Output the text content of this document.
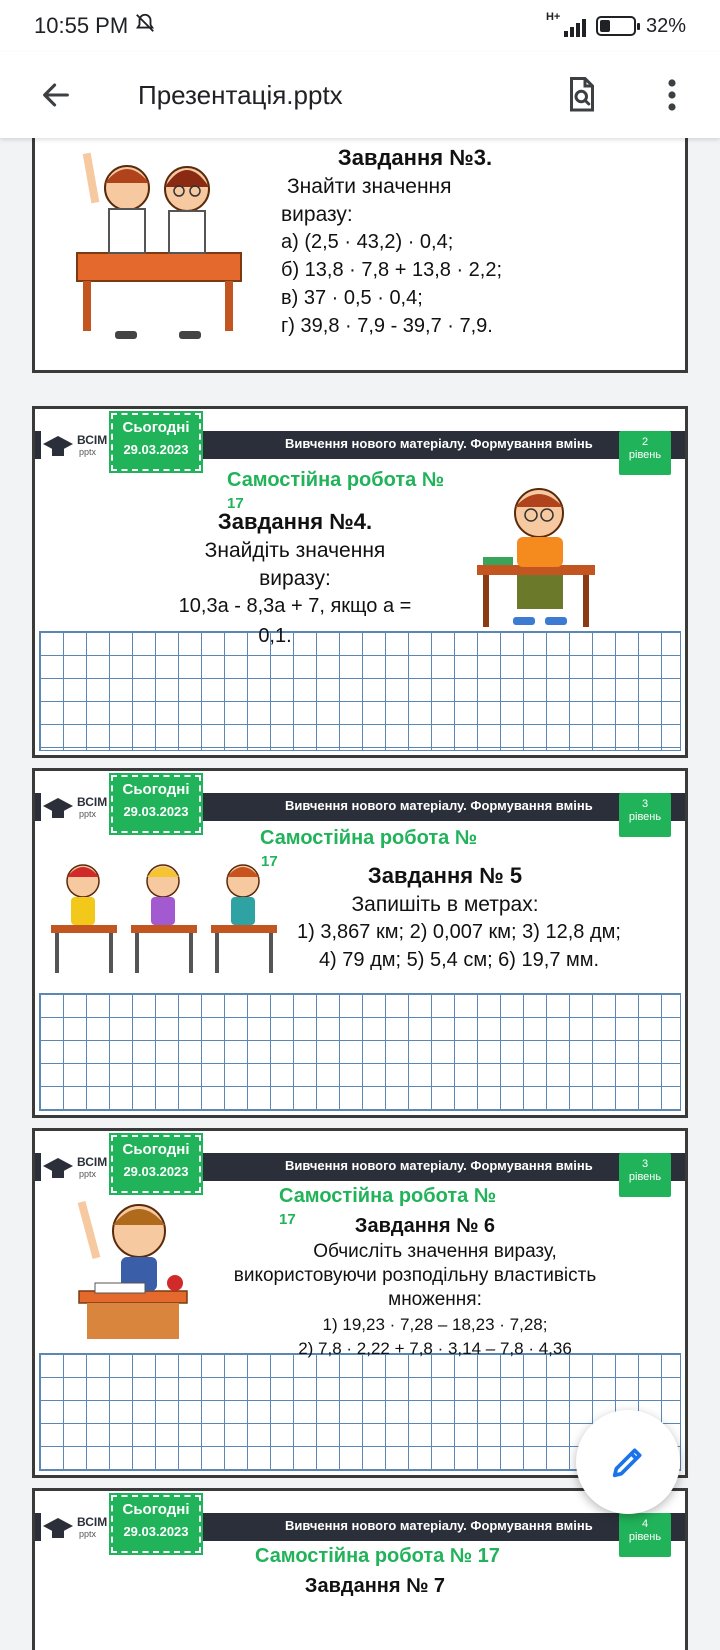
10:55 PM	H+	32%
Презентація.pptx
Завдання №3.
Знайти значення
виразу:
а) (2,5 · 43,2) · 0,4;
б) 13,8 · 7,8 + 13,8 · 2,2;
в) 37 · 0,5 · 0,4;
г) 39,8 · 7,9 - 39,7 · 7,9.
Вивчення нового матеріалу. Формування вмінь
ВСІМ
pptx
Сьогодні
29.03.2023	2
рівень
Самостійна робота №
17
Завдання №4.
Знайдіть значення
виразу:
10,3a - 8,3a + 7, якщо a =
0,1.
Вивчення нового матеріалу. Формування вмінь
ВСІМ
pptx
Сьогодні
29.03.2023	3
рівень
Самостійна робота №
17
Завдання № 5
Запишіть в метрах:
1) 3,867 км; 2) 0,007 км; 3) 12,8 дм;
4) 79 дм; 5) 5,4 см; 6) 19,7 мм.
Вивчення нового матеріалу. Формування вмінь
ВСІМ
pptx
Сьогодні
29.03.2023	3
рівень
Самостійна робота №
17	Завдання № 6
Обчисліть значення виразу,
використовуючи розподільну властивість
множення:
1) 19,23 · 7,28 – 18,23 · 7,28;
2) 7,8 · 2,22 + 7,8 · 3,14 – 7,8 · 4,36
Вивчення нового матеріалу. Формування вмінь
ВСІМ
pptx
Сьогодні
29.03.2023	4
рівень
Самостійна робота № 17
Завдання № 7
